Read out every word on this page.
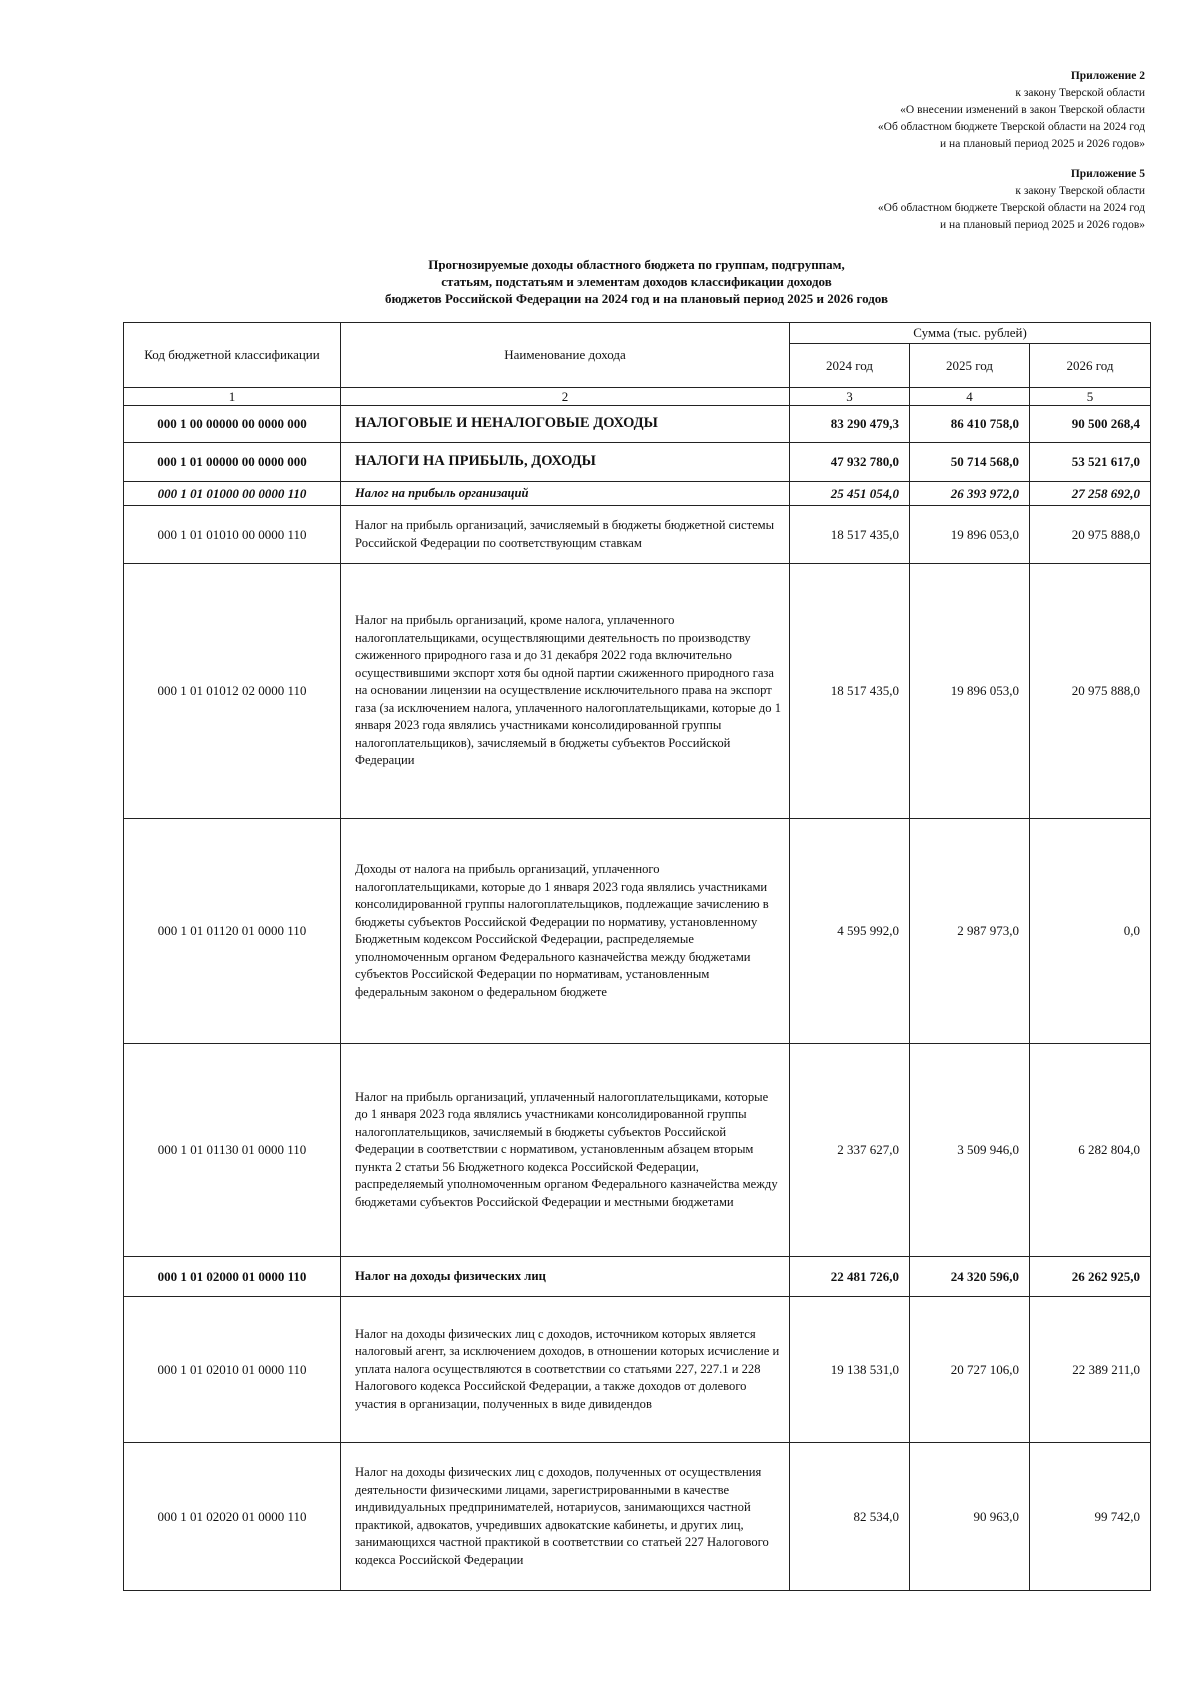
Приложение 2
к закону Тверской области
«О внесении изменений в закон Тверской области
«Об областном бюджете Тверской области на 2024 год
и на плановый период 2025 и 2026 годов»
Приложение 5
к закону Тверской области
«Об областном бюджете Тверской области на 2024 год
и на плановый период 2025 и 2026 годов»
Прогнозируемые доходы областного бюджета по группам, подгруппам,
статьям, подстатьям и элементам доходов классификации доходов
бюджетов Российской Федерации на 2024 год и на плановый период 2025 и 2026 годов
Код бюджетной классификации	Наименование дохода	Сумма (тыс. рублей)		
		2024 год	2025 год	2026 год
1	2	3	4	5
000 1 00 00000 00 0000 000	НАЛОГОВЫЕ И НЕНАЛОГОВЫЕ ДОХОДЫ	83 290 479,3	86 410 758,0	90 500 268,4
000 1 01 00000 00 0000 000	НАЛОГИ НА ПРИБЫЛЬ, ДОХОДЫ	47 932 780,0	50 714 568,0	53 521 617,0
000 1 01 01000 00 0000 110	Налог на прибыль организаций	25 451 054,0	26 393 972,0	27 258 692,0
000 1 01 01010 00 0000 110	Налог на прибыль организаций, зачисляемый в бюджеты бюджетной системы Российской Федерации по соответствующим ставкам	18 517 435,0	19 896 053,0	20 975 888,0
000 1 01 01012 02 0000 110	Налог на прибыль организаций, кроме налога, уплаченного налогоплательщиками, осуществляющими деятельность по производству сжиженного природного газа и до 31 декабря 2022 года включительно осуществившими экспорт хотя бы одной партии сжиженного природного газа на основании лицензии на осуществление исключительного права на экспорт газа (за исключением налога, уплаченного налогоплательщиками, которые до 1 января 2023 года являлись участниками консолидированной группы налогоплательщиков), зачисляемый в бюджеты субъектов Российской Федерации	18 517 435,0	19 896 053,0	20 975 888,0
000 1 01 01120 01 0000 110	Доходы от налога на прибыль организаций, уплаченного налогоплательщиками, которые до 1 января 2023 года являлись участниками консолидированной группы налогоплательщиков, подлежащие зачислению в бюджеты субъектов Российской Федерации по нормативу, установленному Бюджетным кодексом Российской Федерации, распределяемые уполномоченным органом Федерального казначейства между бюджетами субъектов Российской Федерации по нормативам, установленным федеральным законом о федеральном бюджете	4 595 992,0	2 987 973,0	0,0
000 1 01 01130 01 0000 110	Налог на прибыль организаций, уплаченный налогоплательщиками, которые до 1 января 2023 года являлись участниками консолидированной группы налогоплательщиков, зачисляемый в бюджеты субъектов Российской Федерации в соответствии с нормативом, установленным абзацем вторым пункта 2 статьи 56 Бюджетного кодекса Российской Федерации, распределяемый уполномоченным органом Федерального казначейства между бюджетами субъектов Российской Федерации и местными бюджетами	2 337 627,0	3 509 946,0	6 282 804,0
000 1 01 02000 01 0000 110	Налог на доходы физических лиц	22 481 726,0	24 320 596,0	26 262 925,0
000 1 01 02010 01 0000 110	Налог на доходы физических лиц с доходов, источником которых является налоговый агент, за исключением доходов, в отношении которых исчисление и уплата налога осуществляются в соответствии со статьями 227, 227.1 и 228 Налогового кодекса Российской Федерации, а также доходов от долевого участия в организации, полученных в виде дивидендов	19 138 531,0	20 727 106,0	22 389 211,0
000 1 01 02020 01 0000 110	Налог на доходы физических лиц с доходов, полученных от осуществления деятельности физическими лицами, зарегистрированными в качестве индивидуальных предпринимателей, нотариусов, занимающихся частной практикой, адвокатов, учредивших адвокатские кабинеты, и других лиц, занимающихся частной практикой в соответствии со статьей 227 Налогового кодекса Российской Федерации	82 534,0	90 963,0	99 742,0
